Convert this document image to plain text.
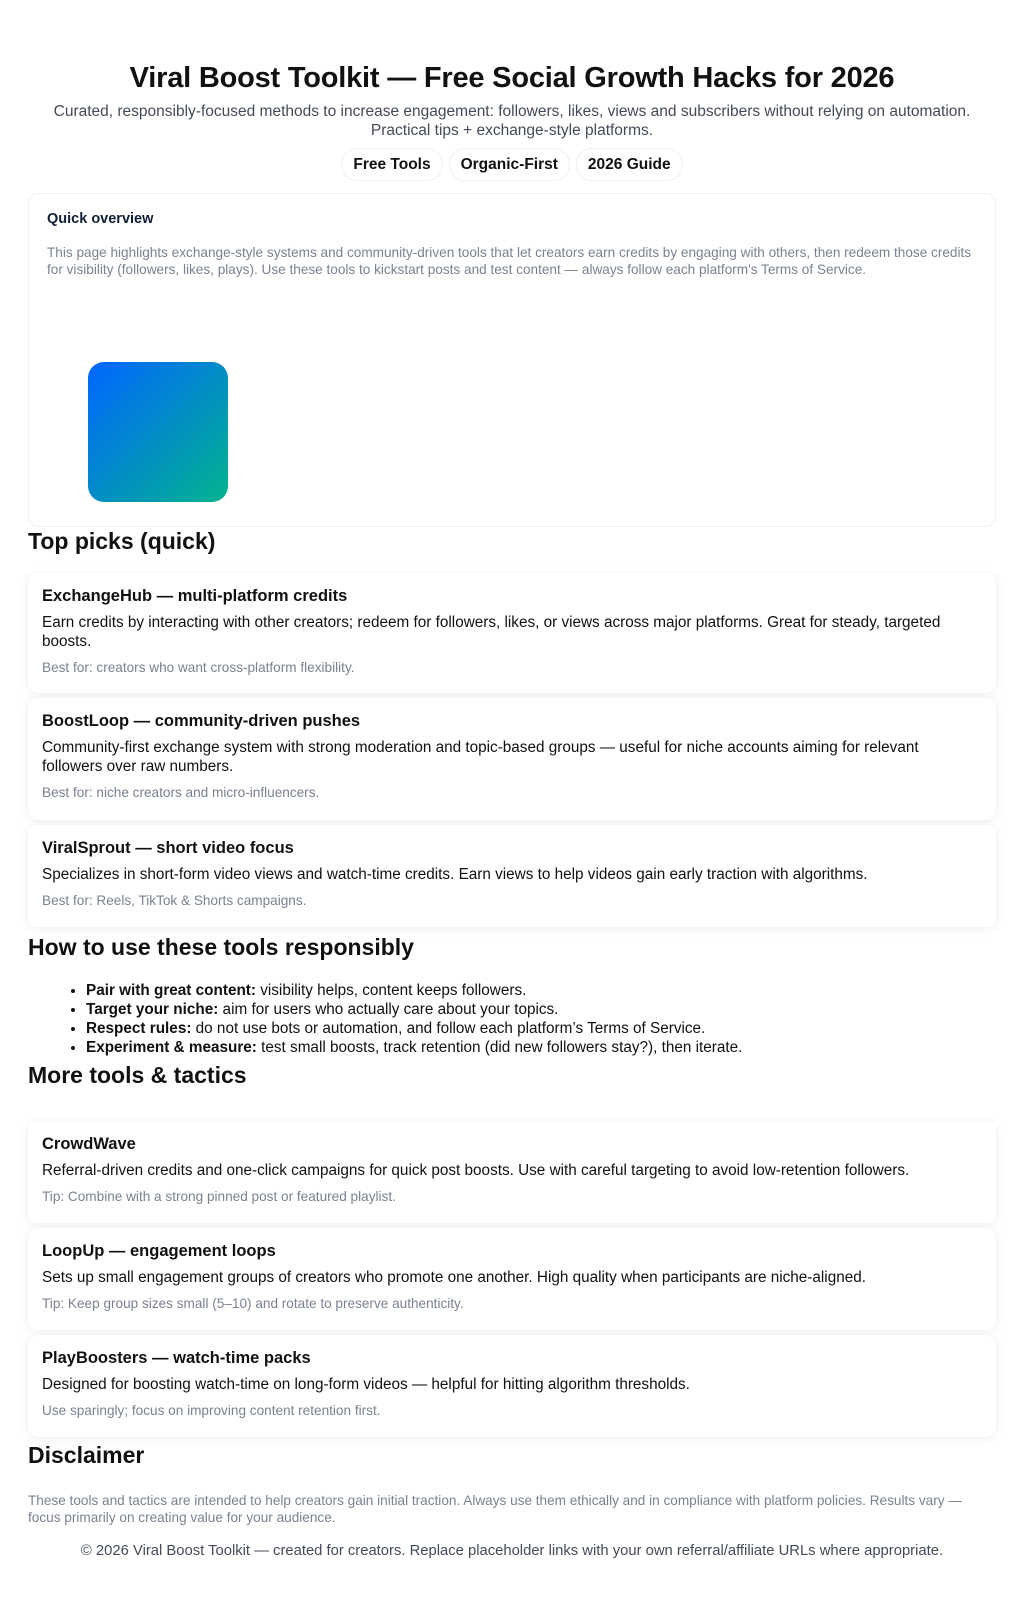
Viral Boost Toolkit — Free Social Growth Hacks for 2026

Curated, responsibly-focused methods to increase engagement: followers, likes, views and subscribers without relying on automation. Practical tips + exchange-style platforms.

Free Tools	Organic-First	2026 Guide
Quick overview

This page highlights exchange-style systems and community-driven tools that let creators earn credits by engaging with others, then redeem those credits for visibility (followers, likes, plays). Use these tools to kickstart posts and test content — always follow each platform's Terms of Service.

Top picks (quick)
ExchangeHub — multi-platform credits

Earn credits by interacting with other creators; redeem for followers, likes, or views across major platforms. Great for steady, targeted boosts.

Best for: creators who want cross-platform flexibility.

BoostLoop — community-driven pushes

Community-first exchange system with strong moderation and topic-based groups — useful for niche accounts aiming for relevant followers over raw numbers.

Best for: niche creators and micro-influencers.

ViralSprout — short video focus

Specializes in short-form video views and watch-time credits. Earn views to help videos gain early traction with algorithms.

Best for: Reels, TikTok & Shorts campaigns.

How to use these tools responsibly
• Pair with great content: visibility helps, content keeps followers.
• Target your niche: aim for users who actually care about your topics.
• Respect rules: do not use bots or automation, and follow each platform’s Terms of Service.
• Experiment & measure: test small boosts, track retention (did new followers stay?), then iterate.
More tools & tactics
CrowdWave

Referral-driven credits and one-click campaigns for quick post boosts. Use with careful targeting to avoid low-retention followers.

Tip: Combine with a strong pinned post or featured playlist.

LoopUp — engagement loops

Sets up small engagement groups of creators who promote one another. High quality when participants are niche-aligned.

Tip: Keep group sizes small (5–10) and rotate to preserve authenticity.

PlayBoosters — watch-time packs

Designed for boosting watch-time on long-form videos — helpful for hitting algorithm thresholds.

Use sparingly; focus on improving content retention first.

Disclaimer

These tools and tactics are intended to help creators gain initial traction. Always use them ethically and in compliance with platform policies. Results vary — focus primarily on creating value for your audience.

© 2026 Viral Boost Toolkit — created for creators. Replace placeholder links with your own referral/affiliate URLs where appropriate.
